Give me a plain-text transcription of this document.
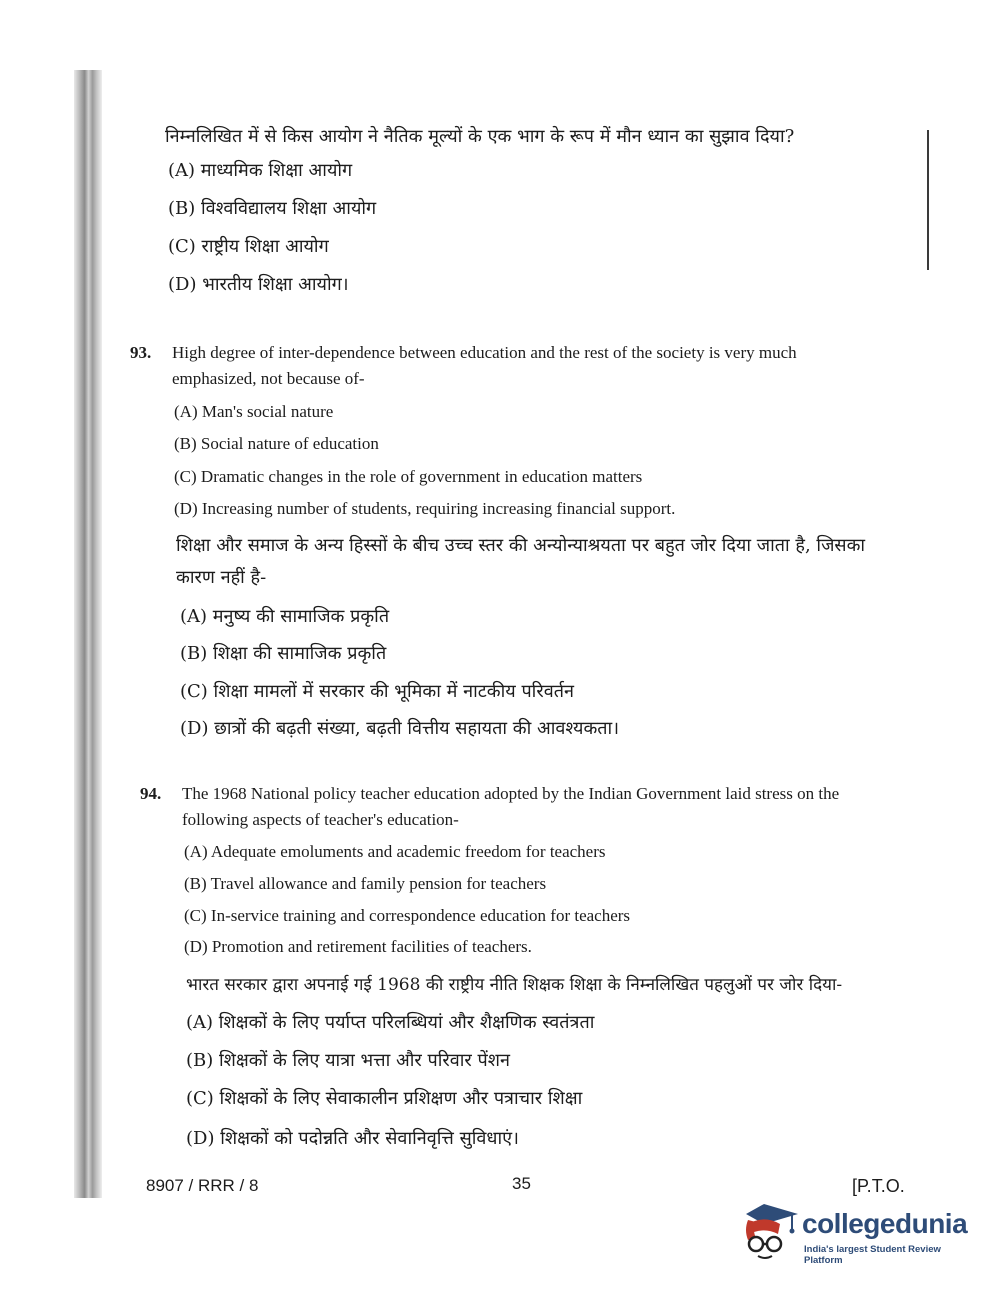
निम्नलिखित में से किस आयोग ने नैतिक मूल्यों के एक भाग के रूप में मौन ध्यान का सुझाव दिया?
(A) माध्यमिक शिक्षा आयोग
(B) विश्वविद्यालय शिक्षा आयोग
(C) राष्ट्रीय शिक्षा आयोग
(D) भारतीय शिक्षा आयोग।
93. High degree of inter-dependence between education and the rest of the society is very much
emphasized, not because of-
(A) Man's social nature
(B) Social nature of education
(C) Dramatic changes in the role of government in education matters
(D) Increasing number of students, requiring increasing financial support.
शिक्षा और समाज के अन्य हिस्सों के बीच उच्च स्तर की अन्योन्याश्रयता पर बहुत जोर दिया जाता है, जिसका
कारण नहीं है-
(A) मनुष्य की सामाजिक प्रकृति
(B) शिक्षा की सामाजिक प्रकृति
(C) शिक्षा मामलों में सरकार की भूमिका में नाटकीय परिवर्तन
(D) छात्रों की बढ़ती संख्या, बढ़ती वित्तीय सहायता की आवश्यकता।
94. The 1968 National policy teacher education adopted by the Indian Government laid stress on the
following aspects of teacher's education-
(A) Adequate emoluments and academic freedom for teachers
(B) Travel allowance and family pension for teachers
(C) In-service training and correspondence education for teachers
(D) Promotion and retirement facilities of teachers.
भारत सरकार द्वारा अपनाई गई 1968 की राष्ट्रीय नीति शिक्षक शिक्षा के निम्नलिखित पहलुओं पर जोर दिया-
(A) शिक्षकों के लिए पर्याप्त परिलब्धियां और शैक्षणिक स्वतंत्रता
(B) शिक्षकों के लिए यात्रा भत्ता और परिवार पेंशन
(C) शिक्षकों के लिए सेवाकालीन प्रशिक्षण और पत्राचार शिक्षा
(D) शिक्षकों को पदोन्नति और सेवानिवृत्ति सुविधाएं।
8907 / RRR / 8	35	[P.T.O.
collegedunia
India's largest Student Review Platform
